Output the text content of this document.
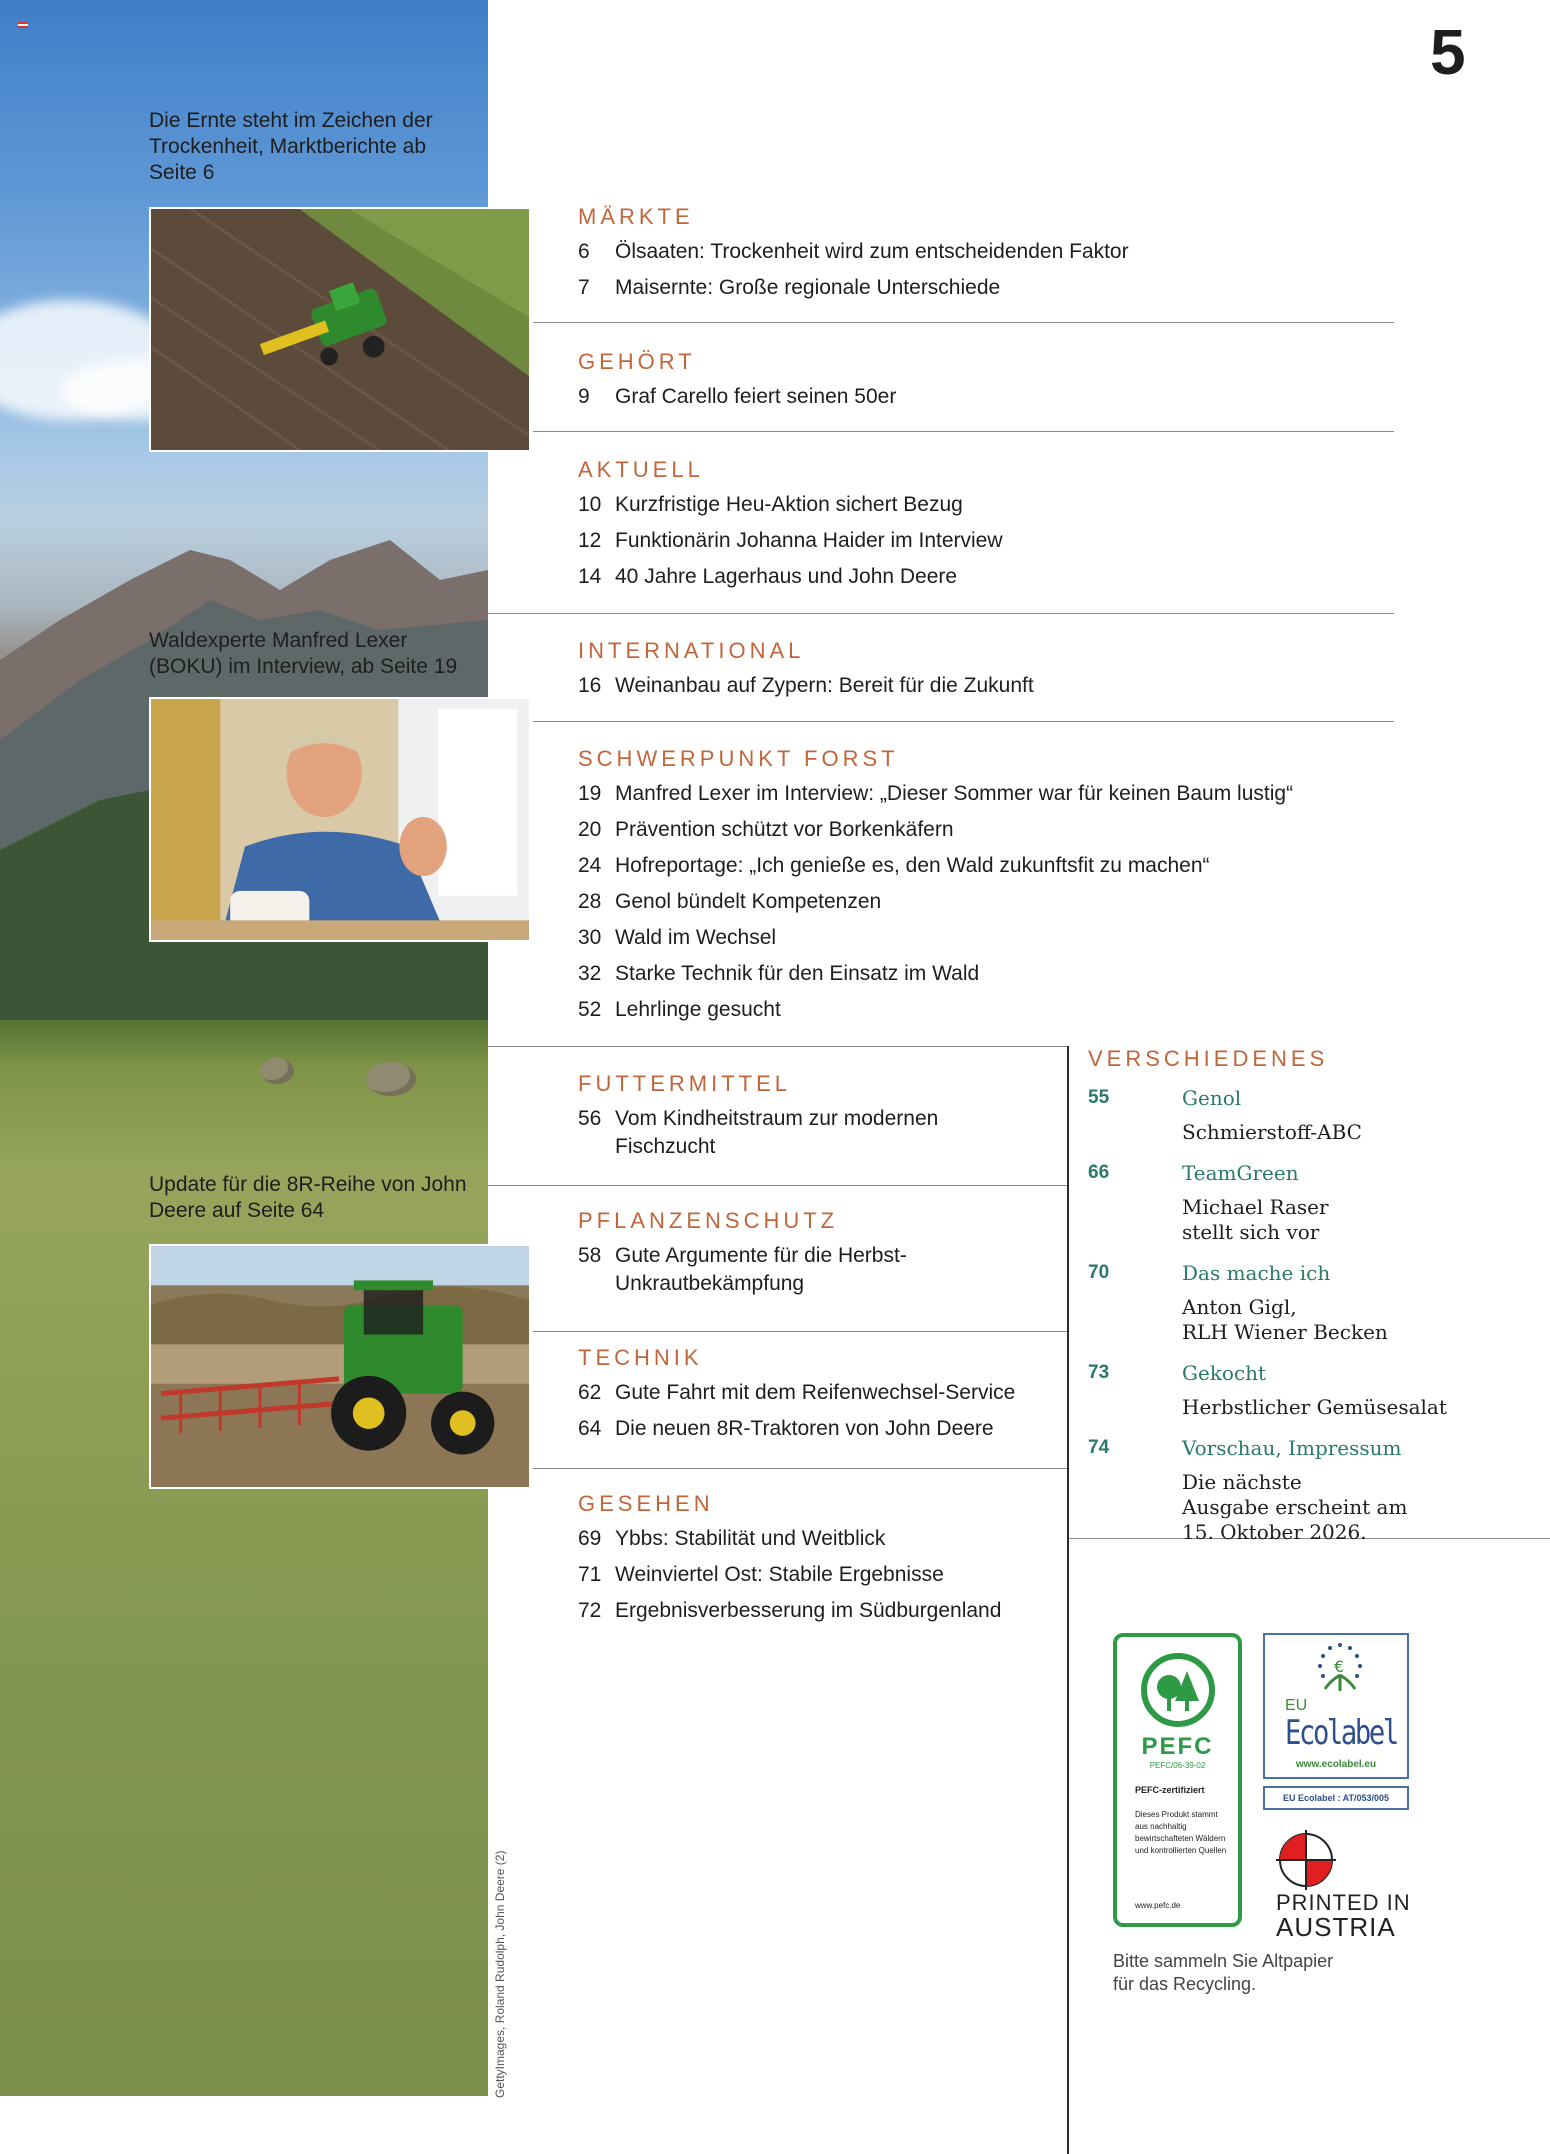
Die Ernte steht im Zeichen der Trockenheit, Marktberichte ab Seite 6
Waldexperte Manfred Lexer (BOKU) im Interview, ab Seite 19
Update für die 8R-Reihe von John Deere auf Seite 64
GettyImages, Roland Rudolph, John Deere (2)
5
MÄRKTE
6	Ölsaaten: Trockenheit wird zum entscheidenden Faktor
7	Maisernte: Große regionale Unterschiede
GEHÖRT
9	Graf Carello feiert seinen 50er
AKTUELL
10 Kurzfristige Heu-Aktion sichert Bezug
12 Funktionärin Johanna Haider im Interview
14 40 Jahre Lagerhaus und John Deere
INTERNATIONAL
16 Weinanbau auf Zypern: Bereit für die Zukunft
SCHWERPUNKT FORST
19 Manfred Lexer im Interview: „Dieser Sommer war für keinen Baum lustig“
20 Prävention schützt vor Borkenkäfern
24 Hofreportage: „Ich genieße es, den Wald zukunftsfit zu machen“
28 Genol bündelt Kompetenzen
30 Wald im Wechsel
32 Starke Technik für den Einsatz im Wald
52 Lehrlinge gesucht
FUTTERMITTEL
56 Vom Kindheitstraum zur modernen Fischzucht
PFLANZENSCHUTZ
58 Gute Argumente für die Herbst-Unkrautbekämpfung
TECHNIK
62 Gute Fahrt mit dem Reifenwechsel-Service
64 Die neuen 8R-Traktoren von John Deere
GESEHEN
69 Ybbs: Stabilität und Weitblick
71 Weinviertel Ost: Stabile Ergebnisse
72 Ergebnisverbesserung im Südburgenland
VERSCHIEDENES
55	Genol
Schmierstoff-ABC
66	TeamGreen
Michael Raser
stellt sich vor
70	Das mache ich
Anton Gigl,
RLH Wiener Becken
73	Gekocht
Herbstlicher Gemüsesalat
74	Vorschau, Impressum
Die nächste
Ausgabe erscheint am
15. Oktober 2026.
PEFC
PEFC/06-39-02
PEFC-zertifiziert
Dieses Produkt stammt aus nachhaltig bewirtschafteten Wäldern und kontrollierten Quellen
www.pefc.de
€
EU
Ecolabel
www.ecolabel.eu
EU Ecolabel : AT/053/005
PRINTED IN
AUSTRIA
Bitte sammeln Sie Altpapier
für das Recycling.
